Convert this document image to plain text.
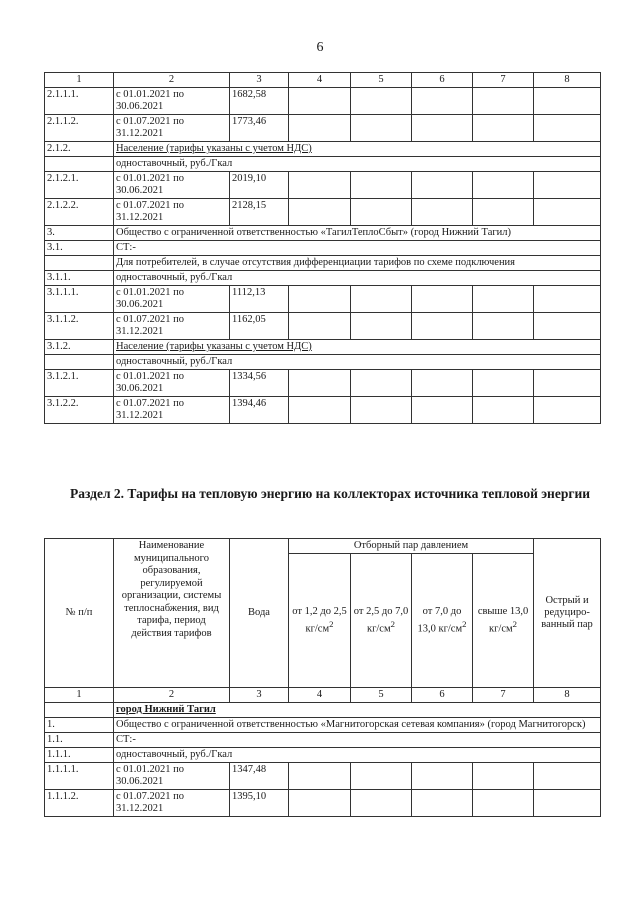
6
1	2	3	4	5	6	7	8
2.1.1.1.	с 01.01.2021 по 30.06.2021	1682,58					
2.1.1.2.	с 01.07.2021 по 31.12.2021	1773,46					
2.1.2.	Население (тарифы указаны с учетом НДС)						
	одноставочный, руб./Гкал						
2.1.2.1.	с 01.01.2021 по 30.06.2021	2019,10					
2.1.2.2.	с 01.07.2021 по 31.12.2021	2128,15					
3.	Общество с ограниченной ответственностью «ТагилТеплоСбыт» (город Нижний Тагил)						
3.1.	СТ:-						
	Для потребителей, в случае отсутствия дифференциации тарифов по схеме подключения						
3.1.1.	одноставочный, руб./Гкал						
3.1.1.1.	с 01.01.2021 по 30.06.2021	1112,13					
3.1.1.2.	с 01.07.2021 по 31.12.2021	1162,05					
3.1.2.	Население (тарифы указаны с учетом НДС)						
	одноставочный, руб./Гкал						
3.1.2.1.	с 01.01.2021 по 30.06.2021	1334,56					
3.1.2.2.	с 01.07.2021 по 31.12.2021	1394,46					
Раздел 2. Тарифы на тепловую энергию на коллекторах источника тепловой энергии
№ п/п	Наименование муниципального образования, регулируемой организации, системы теплоснабжения, вид тарифа, период действия тарифов	Вода	Отборный пар давлением				Острый и редуциро-ванный пар
			от 1,2 до 2,5 $кг/см^2$	от 2,5 до 7,0 $кг/см^2$	от 7,0 до 13,0 $кг/см^2$	свыше 13,0 $кг/см^2$
1	2	3	4	5	6	7	8
	город Нижний Тагил						
1.	Общество с ограниченной ответственностью «Магнитогорская сетевая компания» (город Магнитогорск)						
1.1.	СТ:-						
1.1.1.	одноставочный, руб./Гкал						
1.1.1.1.	с 01.01.2021 по 30.06.2021	1347,48					
1.1.1.2.	с 01.07.2021 по 31.12.2021	1395,10					
